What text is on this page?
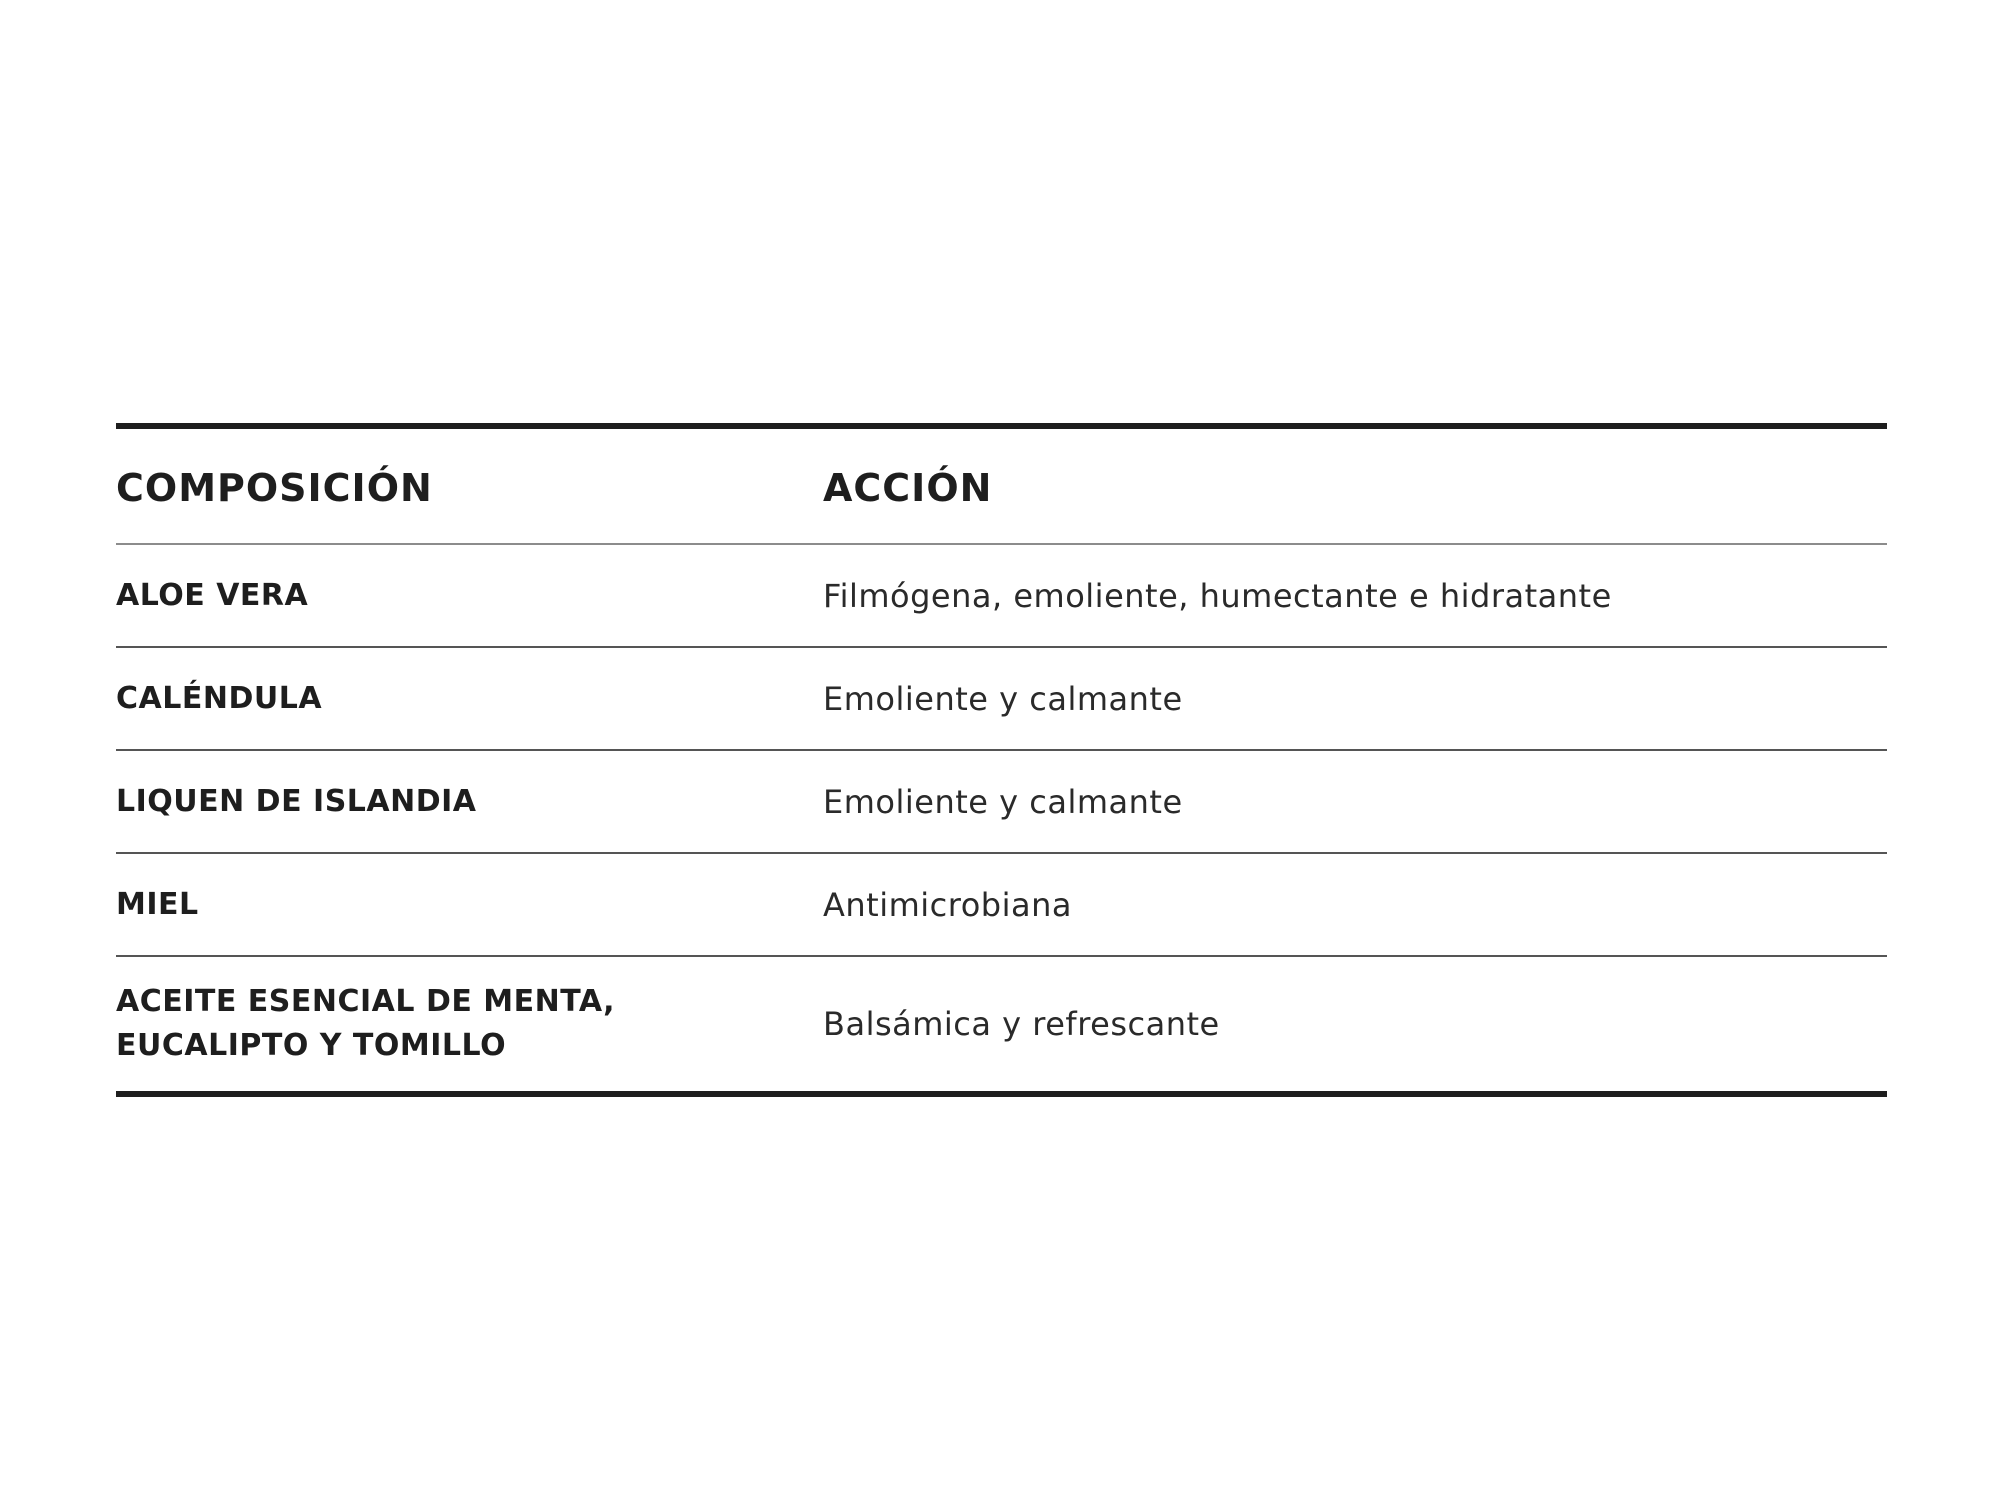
COMPOSICIÓN	ACCIÓN
ALOE VERA	Filmógena, emoliente, humectante e hidratante
CALÉNDULA	Emoliente y calmante
LIQUEN DE ISLANDIA	Emoliente y calmante
MIEL	Antimicrobiana

ACEITE ESENCIAL DE MENTA, EUCALIPTO Y TOMILLO	Balsámica y refrescante
